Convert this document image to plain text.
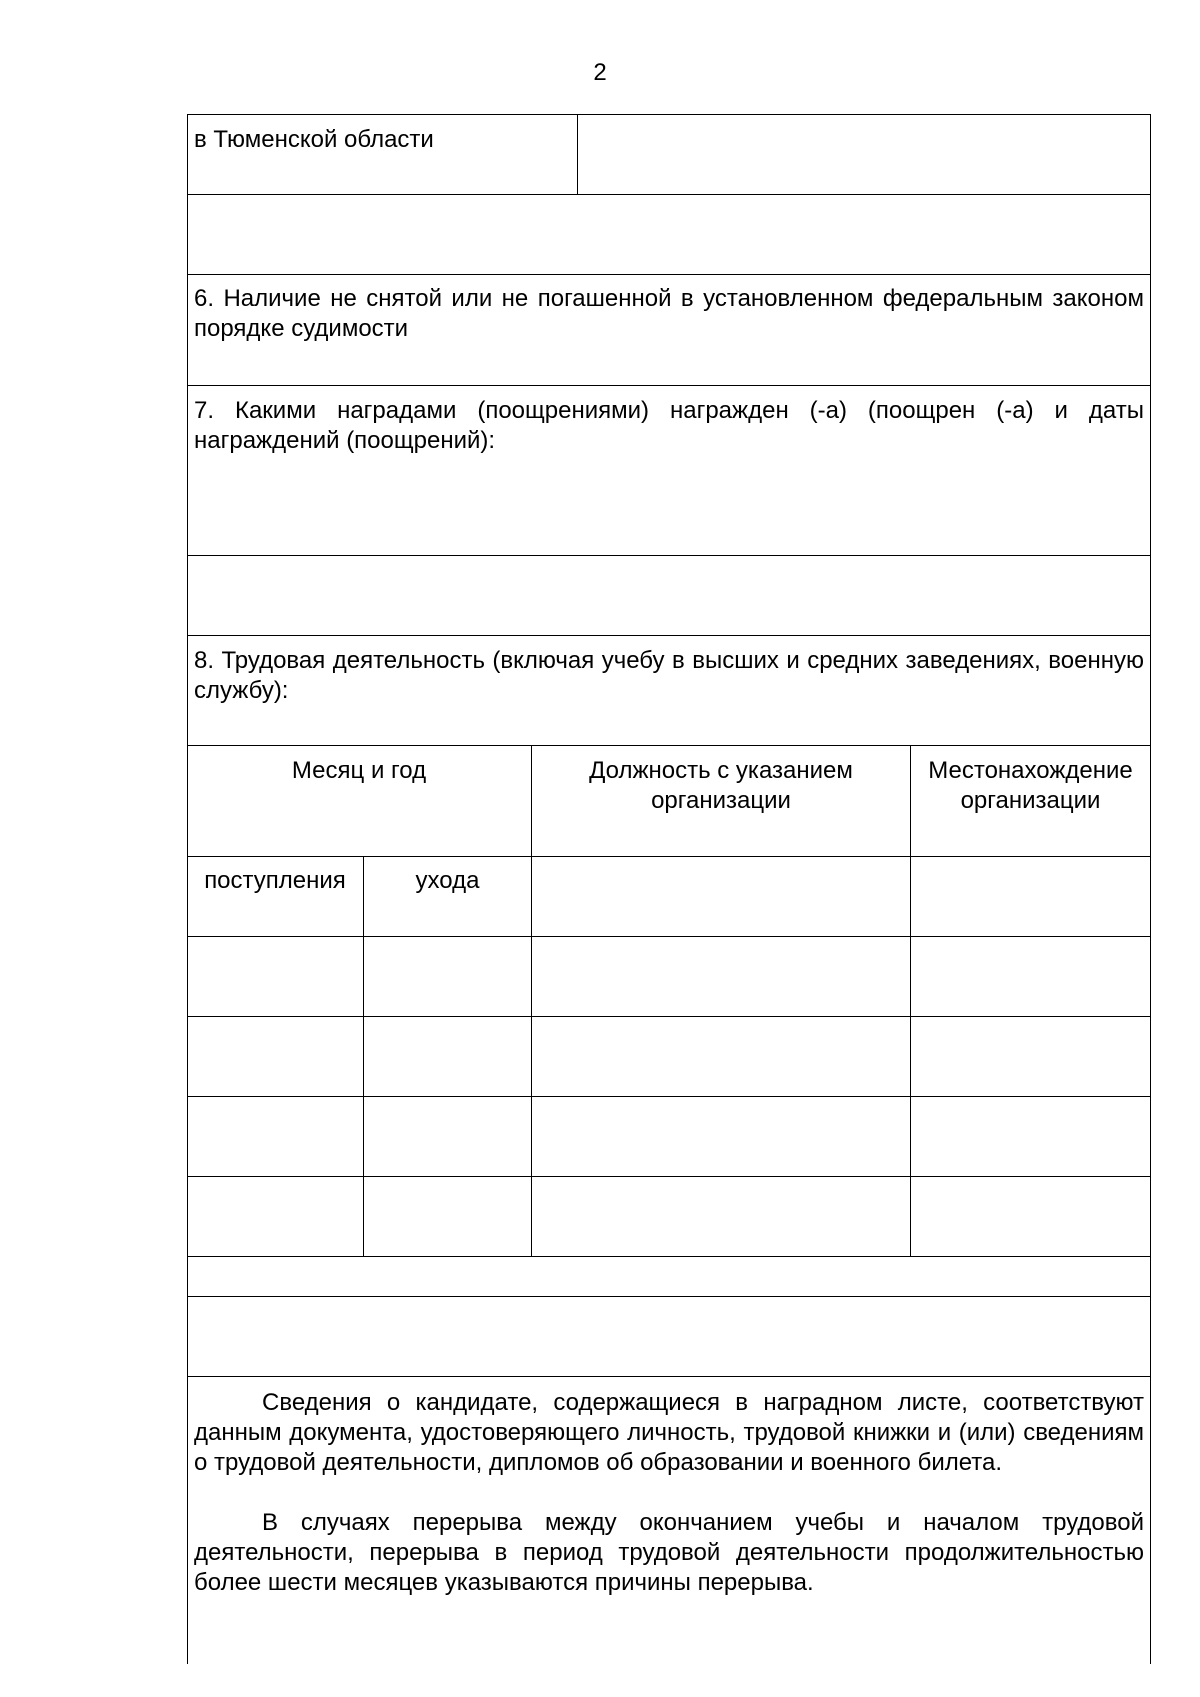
2
в Тюменской области
6. Наличие не снятой или не погашенной в установленном федеральным законом порядке судимости
7. Какими наградами (поощрениями) награжден (-а) (поощрен (-а) и даты награждений (поощрений):
8. Трудовая деятельность (включая учебу в высших и средних заведениях, военную службу):
Месяц и год	Должность с указанием организации
Местонахождение организации
поступления	ухода
Сведения о кандидате, содержащиеся в наградном листе, соответствуют данным документа, удостоверяющего личность, трудовой книжки и (или) сведениям о трудовой деятельности, дипломов об образовании и военного билета.
В случаях перерыва между окончанием учебы и началом трудовой деятельности, перерыва в период трудовой деятельности продолжительностью более шести месяцев указываются причины перерыва.
